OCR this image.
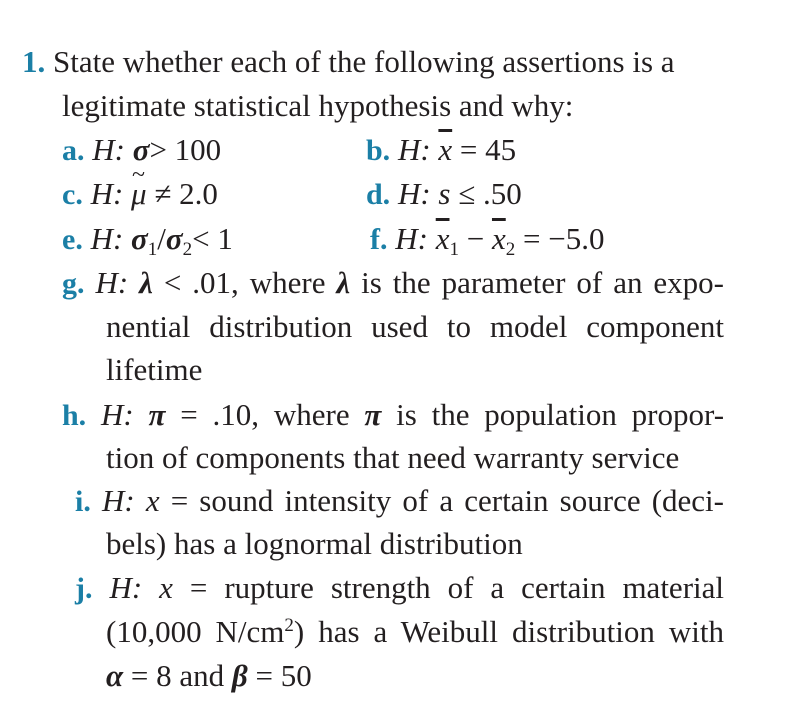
1. State whether each of the following assertions is a
legitimate statistical hypothesis and why:
a. H: σ> 100	b. H: $\overline{x} = 45$
c. H: ~ μ ≠ 2.0	d. H: s ≤ .50
e. H: $\sigma_1/\sigma_2< 1$	f. H: $\overline{x}_1 - \overline{x}_2 = -5.0$
g. H: λ < .01, where λ is the parameter of an expo-
nential distribution used to model component
lifetime
h. H: π = .10, where π is the population propor-
tion of components that need warranty service
i. H: x = sound intensity of a certain source (deci-
bels) has a lognormal distribution
j. H: x = rupture strength of a certain material
(10,000 $N/cm^2$) has a Weibull distribution with
α = 8 and β = 50
